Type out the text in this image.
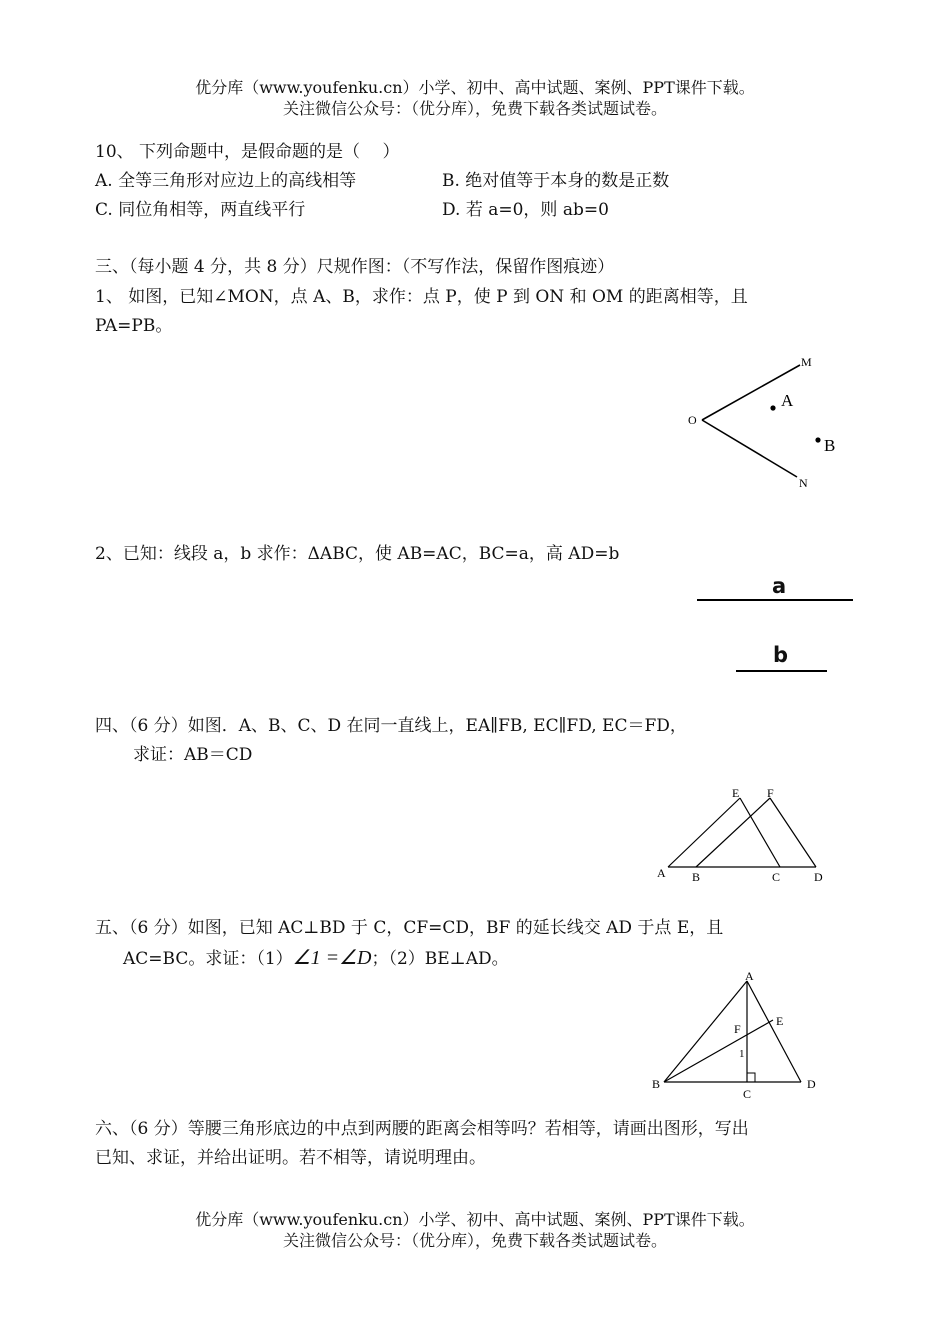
优分库（www.youfenku.cn）小学、初中、高中试题、案例、PPT课件下载。
关注微信公众号：（优分库），免费下载各类试题试卷。
10、 下列命题中，是假命题的是（　 ）
A. 全等三角形对应边上的高线相等	B. 绝对值等于本身的数是正数
C. 同位角相等，两直线平行	D. 若 a=0，则 ab=0
三、（每小题 4 分，共 8 分）尺规作图：（不写作法，保留作图痕迹）
1、 如图，已知∠MON，点 A、B，求作：点 P，使 P 到 ON 和 OM 的距离相等，且
PA=PB。
M
A
O
B
N
2、已知：线段 a，b 求作：ΔABC，使 AB=AC，BC=a，高 AD=b
a
b
四、（6 分）如图．A、B、C、D 在同一直线上，EA∥FB, EC∥FD, EC＝FD，
求证：AB＝CD
E F
A B	C	D
五、（6 分）如图，已知 AC⊥BD 于 C，CF=CD，BF 的延长线交 AD 于点 E，且
AC=BC。求证：（1）∠1 =∠D；（2）BE⊥AD。
A
E
F
1
B
C
D
六、（6 分）等腰三角形底边的中点到两腰的距离会相等吗？若相等，请画出图形，写出
已知、求证，并给出证明。若不相等，请说明理由。
优分库（www.youfenku.cn）小学、初中、高中试题、案例、PPT课件下载。
关注微信公众号：（优分库），免费下载各类试题试卷。
